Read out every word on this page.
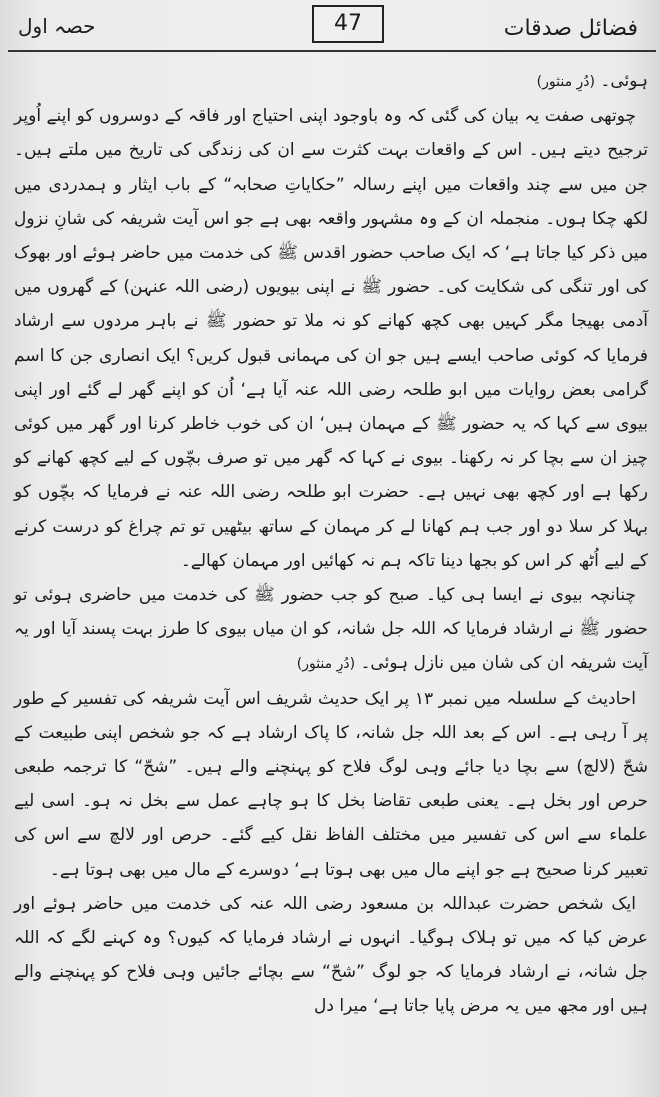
فضائل صدقات
47
حصہ اول

ہوئی۔ (دُرِ منثور)

چوتھی صفت یہ بیان کی گئی کہ وہ باوجود اپنی احتیاج اور فاقہ کے دوسروں کو اپنے اُوپر ترجیح دیتے ہیں۔ اس کے واقعات بہت کثرت سے ان کی زندگی کی تاریخ میں ملتے ہیں۔ جن میں سے چند واقعات میں اپنے رسالہ ”حکایاتِ صحابہ“ کے باب ایثار و ہمدردی میں لکھ چکا ہوں۔ منجملہ ان کے وہ مشہور واقعہ بھی ہے جو اس آیت شریفہ کی شانِ نزول میں ذکر کیا جاتا ہے‘ کہ ایک صاحب حضور اقدس ﷺ کی خدمت میں حاضر ہوئے اور بھوک کی اور تنگی کی شکایت کی۔ حضور ﷺ نے اپنی بیویوں (رضی اللہ عنہن) کے گھروں میں آدمی بھیجا مگر کہیں بھی کچھ کھانے کو نہ ملا تو حضور ﷺ نے باہر مردوں سے ارشاد فرمایا کہ کوئی صاحب ایسے ہیں جو ان کی مہمانی قبول کریں؟ ایک انصاری جن کا اسم گرامی بعض روایات میں ابو طلحہ رضی اللہ عنہ آیا ہے‘ اُن کو اپنے گھر لے گئے اور اپنی بیوی سے کہا کہ یہ حضور ﷺ کے مہمان ہیں‘ ان کی خوب خاطر کرنا اور گھر میں کوئی چیز ان سے بچا کر نہ رکھنا۔ بیوی نے کہا کہ گھر میں تو صرف بچّوں کے لیے کچھ کھانے کو رکھا ہے اور کچھ بھی نہیں ہے۔ حضرت ابو طلحہ رضی اللہ عنہ نے فرمایا کہ بچّوں کو بہلا کر سلا دو اور جب ہم کھانا لے کر مہمان کے ساتھ بیٹھیں تو تم چراغ کو درست کرنے کے لیے اُٹھ کر اس کو بجھا دینا تاکہ ہم نہ کھائیں اور مہمان کھالے۔

چنانچہ بیوی نے ایسا ہی کیا۔ صبح کو جب حضور ﷺ کی خدمت میں حاضری ہوئی تو حضور ﷺ نے ارشاد فرمایا کہ اللہ جل شانہ، کو ان میاں بیوی کا طرز بہت پسند آیا اور یہ آیت شریفہ ان کی شان میں نازل ہوئی۔ (دُرِ منثور)

احادیث کے سلسلہ میں نمبر ۱۳ پر ایک حدیث شریف اس آیت شریفہ کی تفسیر کے طور پر آ رہی ہے۔ اس کے بعد اللہ جل شانہ، کا پاک ارشاد ہے کہ جو شخص اپنی طبیعت کے شحّ (لالچ) سے بچا دیا جائے وہی لوگ فلاح کو پہنچنے والے ہیں۔ ”شحّ“ کا ترجمہ طبعی حرص اور بخل ہے۔ یعنی طبعی تقاضا بخل کا ہو چاہے عمل سے بخل نہ ہو۔ اسی لیے علماء سے اس کی تفسیر میں مختلف الفاظ نقل کیے گئے۔ حرص اور لالچ سے اس کی تعبیر کرنا صحیح ہے جو اپنے مال میں بھی ہوتا ہے‘ دوسرے کے مال میں بھی ہوتا ہے۔

ایک شخص حضرت عبداللہ بن مسعود رضی اللہ عنہ کی خدمت میں حاضر ہوئے اور عرض کیا کہ میں تو ہلاک ہوگیا۔ انہوں نے ارشاد فرمایا کہ کیوں؟ وہ کہنے لگے کہ اللہ جل شانہ، نے ارشاد فرمایا کہ جو لوگ ”شحّ“ سے بچائے جائیں وہی فلاح کو پہنچنے والے ہیں اور مجھ میں یہ مرض پایا جاتا ہے‘ میرا دل
